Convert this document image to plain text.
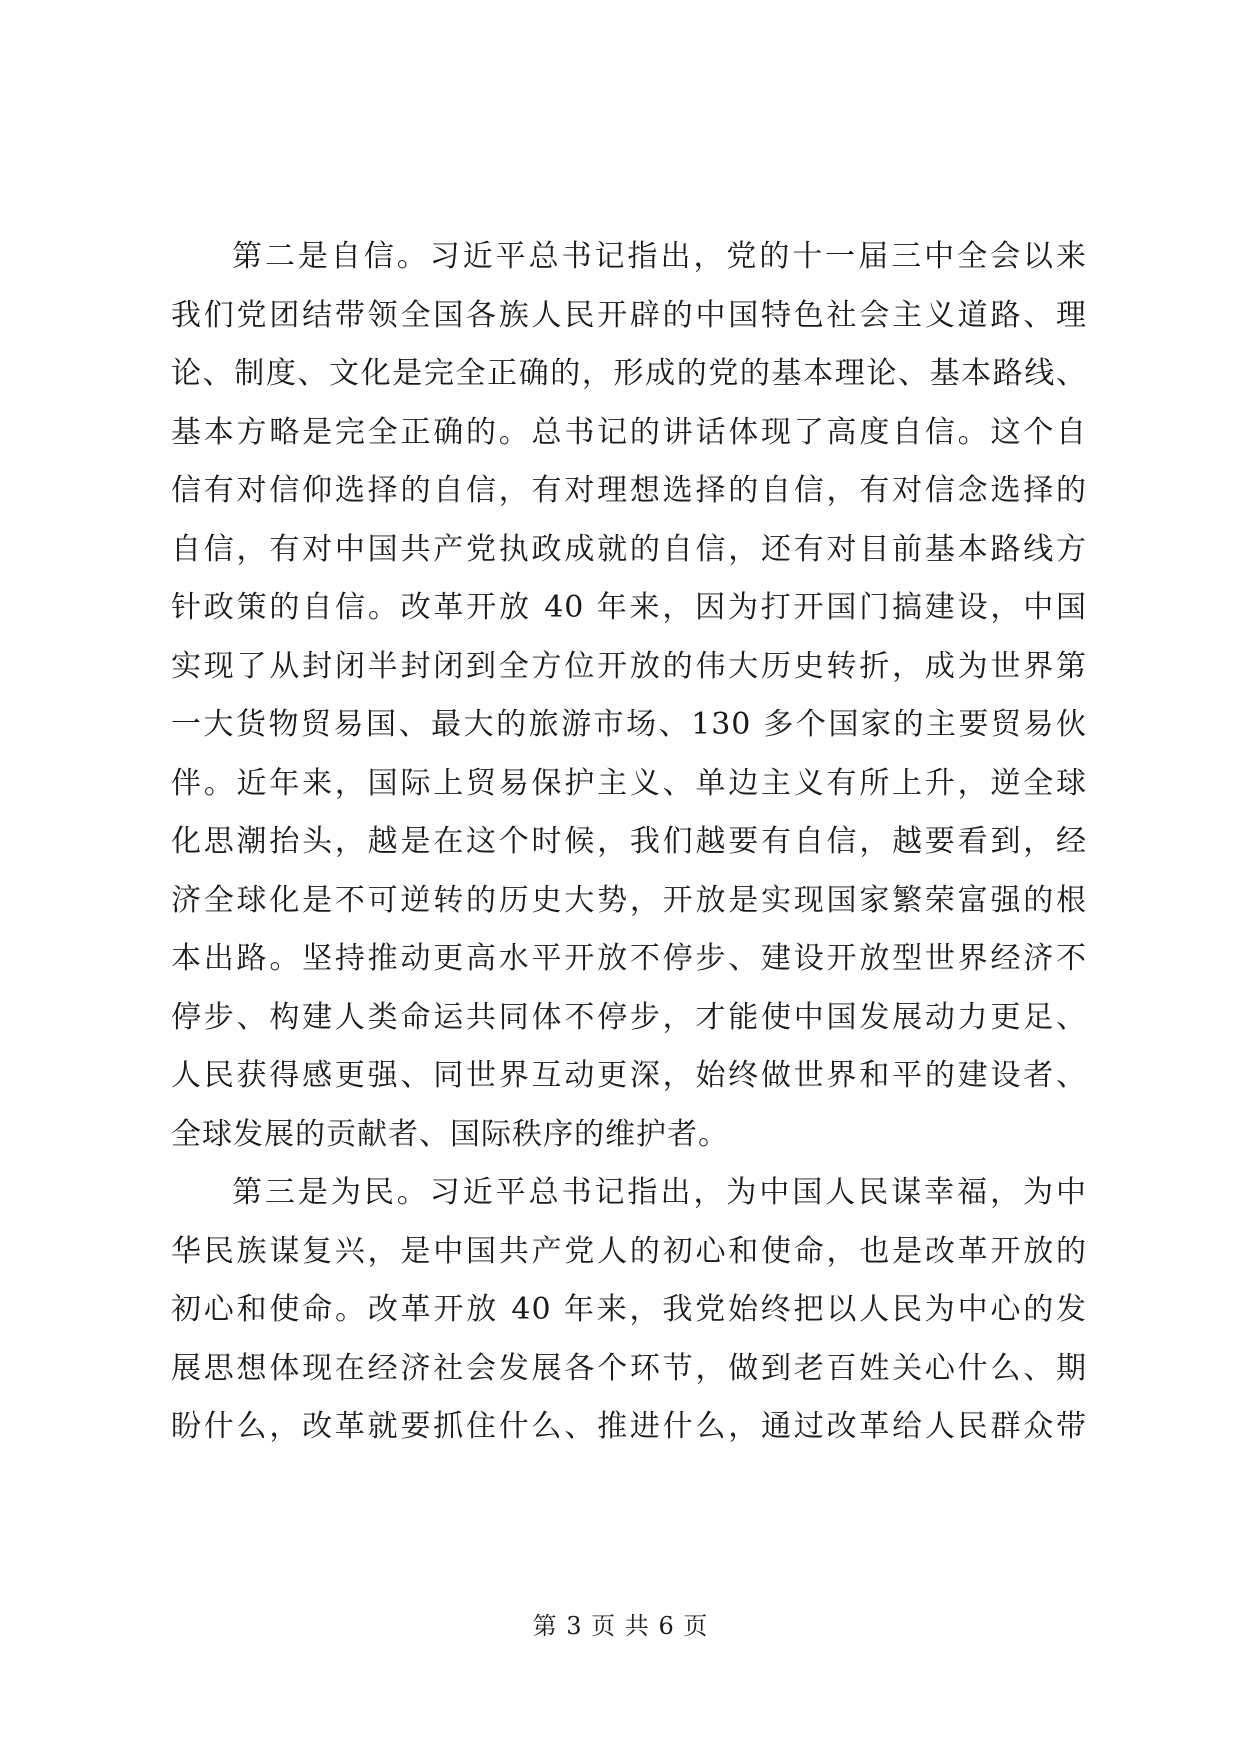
第二是自信。习近平总书记指出，党的十一届三中全会以来
我们党团结带领全国各族人民开辟的中国特色社会主义道路、理
论、制度、文化是完全正确的，形成的党的基本理论、基本路线、
基本方略是完全正确的。总书记的讲话体现了高度自信。这个自
信有对信仰选择的自信，有对理想选择的自信，有对信念选择的
自信，有对中国共产党执政成就的自信，还有对目前基本路线方
针政策的自信。改革开放 40 年来，因为打开国门搞建设，中国
实现了从封闭半封闭到全方位开放的伟大历史转折，成为世界第
一大货物贸易国、最大的旅游市场、130 多个国家的主要贸易伙
伴。近年来，国际上贸易保护主义、单边主义有所上升，逆全球
化思潮抬头，越是在这个时候，我们越要有自信，越要看到，经
济全球化是不可逆转的历史大势，开放是实现国家繁荣富强的根
本出路。坚持推动更高水平开放不停步、建设开放型世界经济不
停步、构建人类命运共同体不停步，才能使中国发展动力更足、
人民获得感更强、同世界互动更深，始终做世界和平的建设者、
全球发展的贡献者、国际秩序的维护者。
第三是为民。习近平总书记指出，为中国人民谋幸福，为中
华民族谋复兴，是中国共产党人的初心和使命，也是改革开放的
初心和使命。改革开放 40 年来，我党始终把以人民为中心的发
展思想体现在经济社会发展各个环节，做到老百姓关心什么、期
盼什么，改革就要抓住什么、推进什么，通过改革给人民群众带
第 3 页 共 6 页
